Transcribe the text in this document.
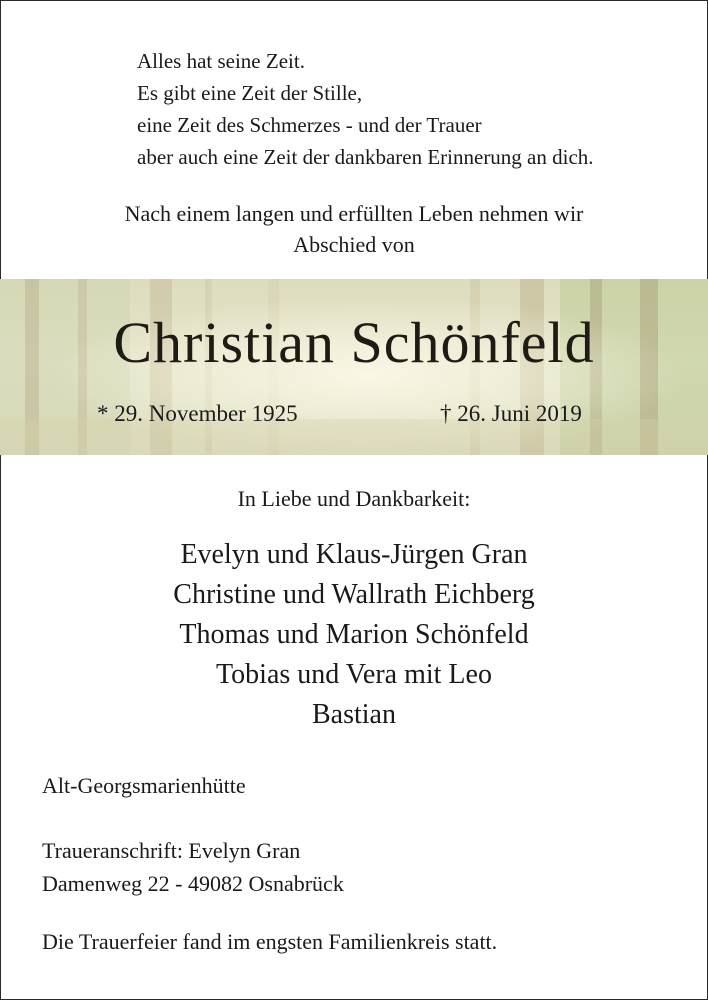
Alles hat seine Zeit.
Es gibt eine Zeit der Stille,
eine Zeit des Schmerzes - und der Trauer
aber auch eine Zeit der dankbaren Erinnerung an dich.
Nach einem langen und erfüllten Leben nehmen wir
Abschied von
Christian Schönfeld
* 29. November 1925	† 26. Juni 2019
In Liebe und Dankbarkeit:
Evelyn und Klaus-Jürgen Gran
Christine und Wallrath Eichberg
Thomas und Marion Schönfeld
Tobias und Vera mit Leo
Bastian
Alt-Georgsmarienhütte
Traueranschrift: Evelyn Gran
Damenweg 22 - 49082 Osnabrück
Die Trauerfeier fand im engsten Familienkreis statt.
